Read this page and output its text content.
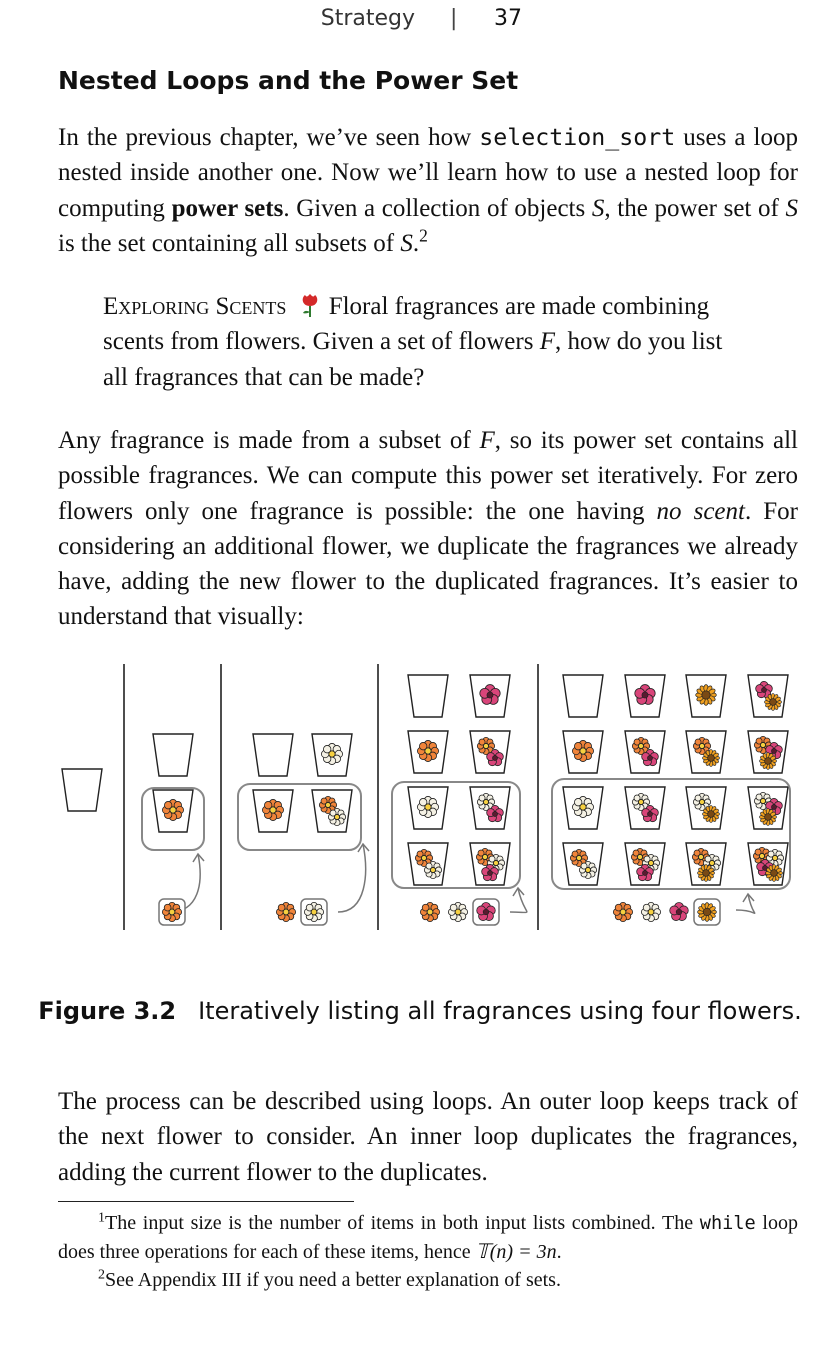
Strategy | 37
Nested Loops and the Power Set

In the previous chapter, we’ve seen how selection_sort uses a loop nested inside another one. Now we’ll learn how to use a nested loop for computing power sets. Given a collection of objects S, the power set of S is the set containing all subsets of S.$^2$

Exploring Scents Floral fragrances are made combining scents from flowers. Given a set of flowers F, how do you list all fragrances that can be made?

Any fragrance is made from a subset of F, so its power set contains all possible fragrances. We can compute this power set iteratively. For zero flowers only one fragrance is possible: the one having no scent. For considering an additional flower, we duplicate the fragrances we already have, adding the new flower to the duplicated fragrances. It’s easier to understand that visually:

Figure 3.2 Iteratively listing all fragrances using four flowers.

The process can be described using loops. An outer loop keeps track of the next flower to consider. An inner loop duplicates the fragrances, adding the current flower to the duplicates.

$^1$The input size is the number of items in both input lists combined. The while loop does three operations for each of these items, hence 𝕋(n) = 3n.

$^2$See Appendix III if you need a better explanation of sets.
